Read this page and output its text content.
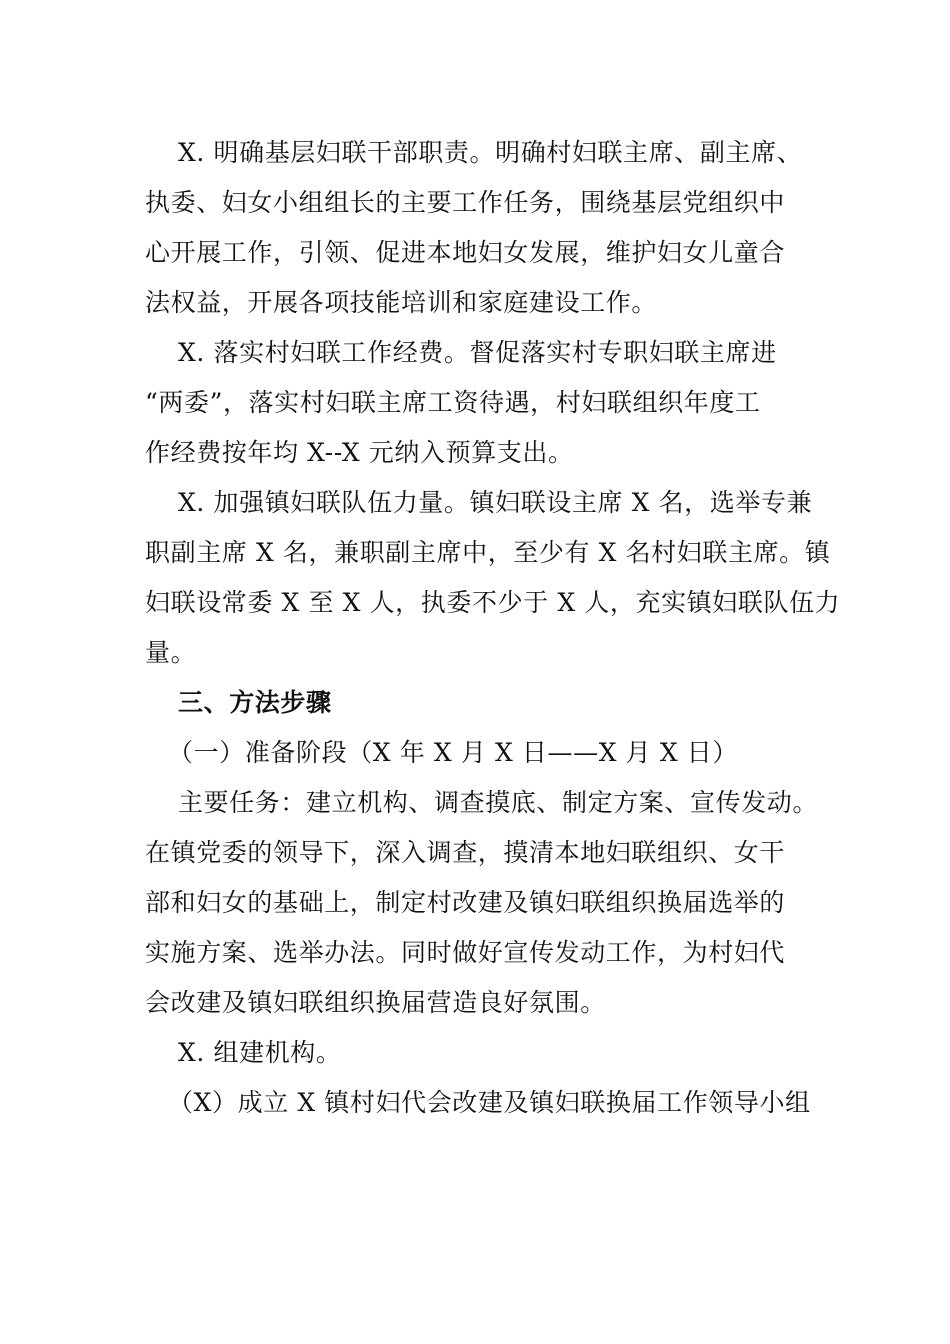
X. 明确基层妇联干部职责。明确村妇联主席、副主席、
执委、妇女小组组长的主要工作任务，围绕基层党组织中
心开展工作，引领、促进本地妇女发展，维护妇女儿童合
法权益，开展各项技能培训和家庭建设工作。
X. 落实村妇联工作经费。督促落实村专职妇联主席进
“两委”，落实村妇联主席工资待遇，村妇联组织年度工
作经费按年均 X--X 元纳入预算支出。
X. 加强镇妇联队伍力量。镇妇联设主席 X 名，选举专兼
职副主席 X 名，兼职副主席中，至少有 X 名村妇联主席。镇
妇联设常委 X 至 X 人，执委不少于 X 人，充实镇妇联队伍力
量。
三、方法步骤
（一）准备阶段（X 年 X 月 X 日——X 月 X 日）
主要任务：建立机构、调查摸底、制定方案、宣传发动。
在镇党委的领导下，深入调查，摸清本地妇联组织、女干
部和妇女的基础上，制定村改建及镇妇联组织换届选举的
实施方案、选举办法。同时做好宣传发动工作，为村妇代
会改建及镇妇联组织换届营造良好氛围。
X. 组建机构。
（X）成立 X 镇村妇代会改建及镇妇联换届工作领导小组
